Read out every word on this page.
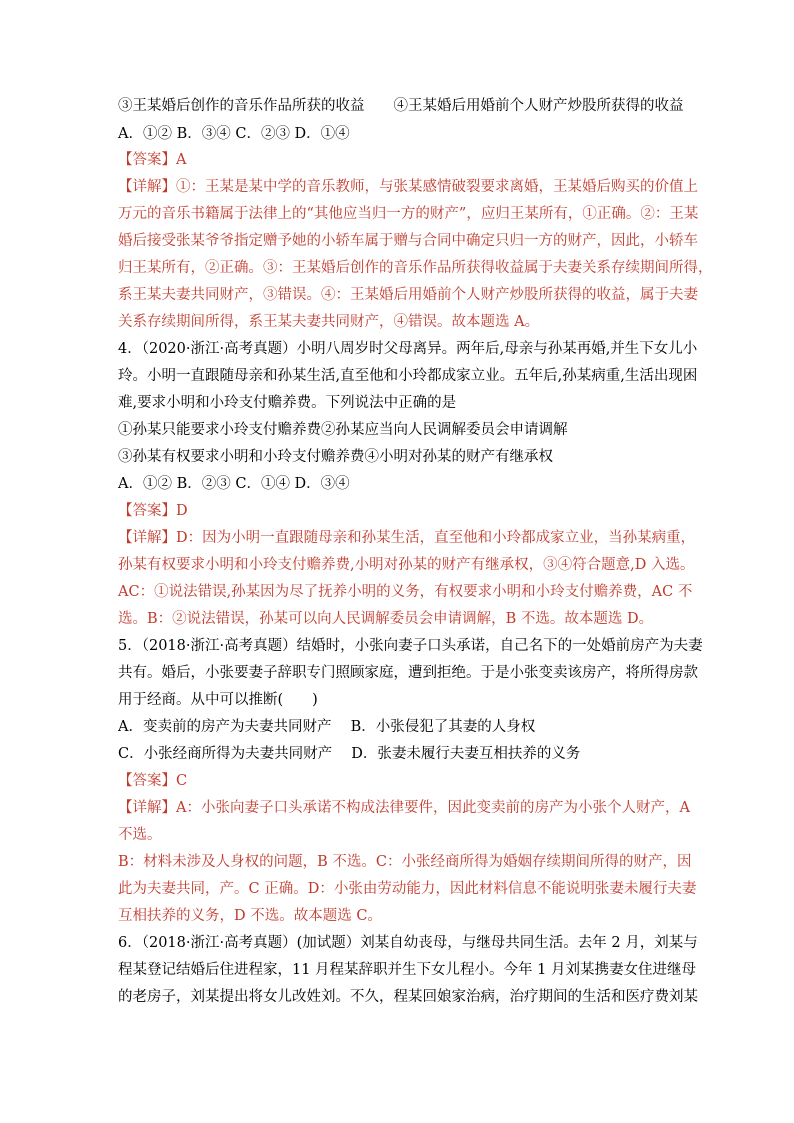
③王某婚后创作的音乐作品所获的收益　　④王某婚后用婚前个人财产炒股所获得的收益
A．①② B．③④ C．②③ D．①④
【答案】A
【详解】①：王某是某中学的音乐教师，与张某感情破裂要求离婚，王某婚后购买的价值上
万元的音乐书籍属于法律上的“其他应当归一方的财产”，应归王某所有，①正确。②：王某
婚后接受张某爷爷指定赠予她的小轿车属于赠与合同中确定只归一方的财产，因此，小轿车
归王某所有，②正确。③：王某婚后创作的音乐作品所获得收益属于夫妻关系存续期间所得，
系王某夫妻共同财产，③错误。④：王某婚后用婚前个人财产炒股所获得的收益，属于夫妻
关系存续期间所得，系王某夫妻共同财产，④错误。故本题选 A。
4．（2020·浙江·高考真题）小明八周岁时父母离异。两年后,母亲与孙某再婚,并生下女儿小
玲。小明一直跟随母亲和孙某生活,直至他和小玲都成家立业。五年后,孙某病重,生活出现困
难,要求小明和小玲支付赡养费。下列说法中正确的是
①孙某只能要求小玲支付赡养费②孙某应当向人民调解委员会申请调解
③孙某有权要求小明和小玲支付赡养费④小明对孙某的财产有继承权
A．①② B．②③ C．①④ D．③④
【答案】D
【详解】D：因为小明一直跟随母亲和孙某生活，直至他和小玲都成家立业，当孙某病重，
孙某有权要求小明和小玲支付赡养费,小明对孙某的财产有继承权，③④符合题意,D 入选。
AC：①说法错误,孙某因为尽了抚养小明的义务，有权要求小明和小玲支付赡养费，AC 不
选。B：②说法错误，孙某可以向人民调解委员会申请调解，B 不选。故本题选 D。
5．（2018·浙江·高考真题）结婚时，小张向妻子口头承诺，自己名下的一处婚前房产为夫妻
共有。婚后，小张要妻子辞职专门照顾家庭，遭到拒绝。于是小张变卖该房产，将所得房款
用于经商。从中可以推断(　　)
A．变卖前的房产为夫妻共同财产　 B．小张侵犯了其妻的人身权
C．小张经商所得为夫妻共同财产　 D．张妻未履行夫妻互相扶养的义务
【答案】C
【详解】A：小张向妻子口头承诺不构成法律要件，因此变卖前的房产为小张个人财产，A
不选。
B：材料未涉及人身权的问题，B 不选。C：小张经商所得为婚姻存续期间所得的财产，因
此为夫妻共同，产。C 正确。D：小张由劳动能力，因此材料信息不能说明张妻未履行夫妻
互相扶养的义务，D 不选。故本题选 C。
6．（2018·浙江·高考真题）(加试题）刘某自幼丧母，与继母共同生活。去年 2 月，刘某与
程某登记结婚后住进程家，11 月程某辞职并生下女儿程小。今年 1 月刘某携妻女住进继母
的老房子，刘某提出将女儿改姓刘。不久，程某回娘家治病，治疗期间的生活和医疗费刘某
